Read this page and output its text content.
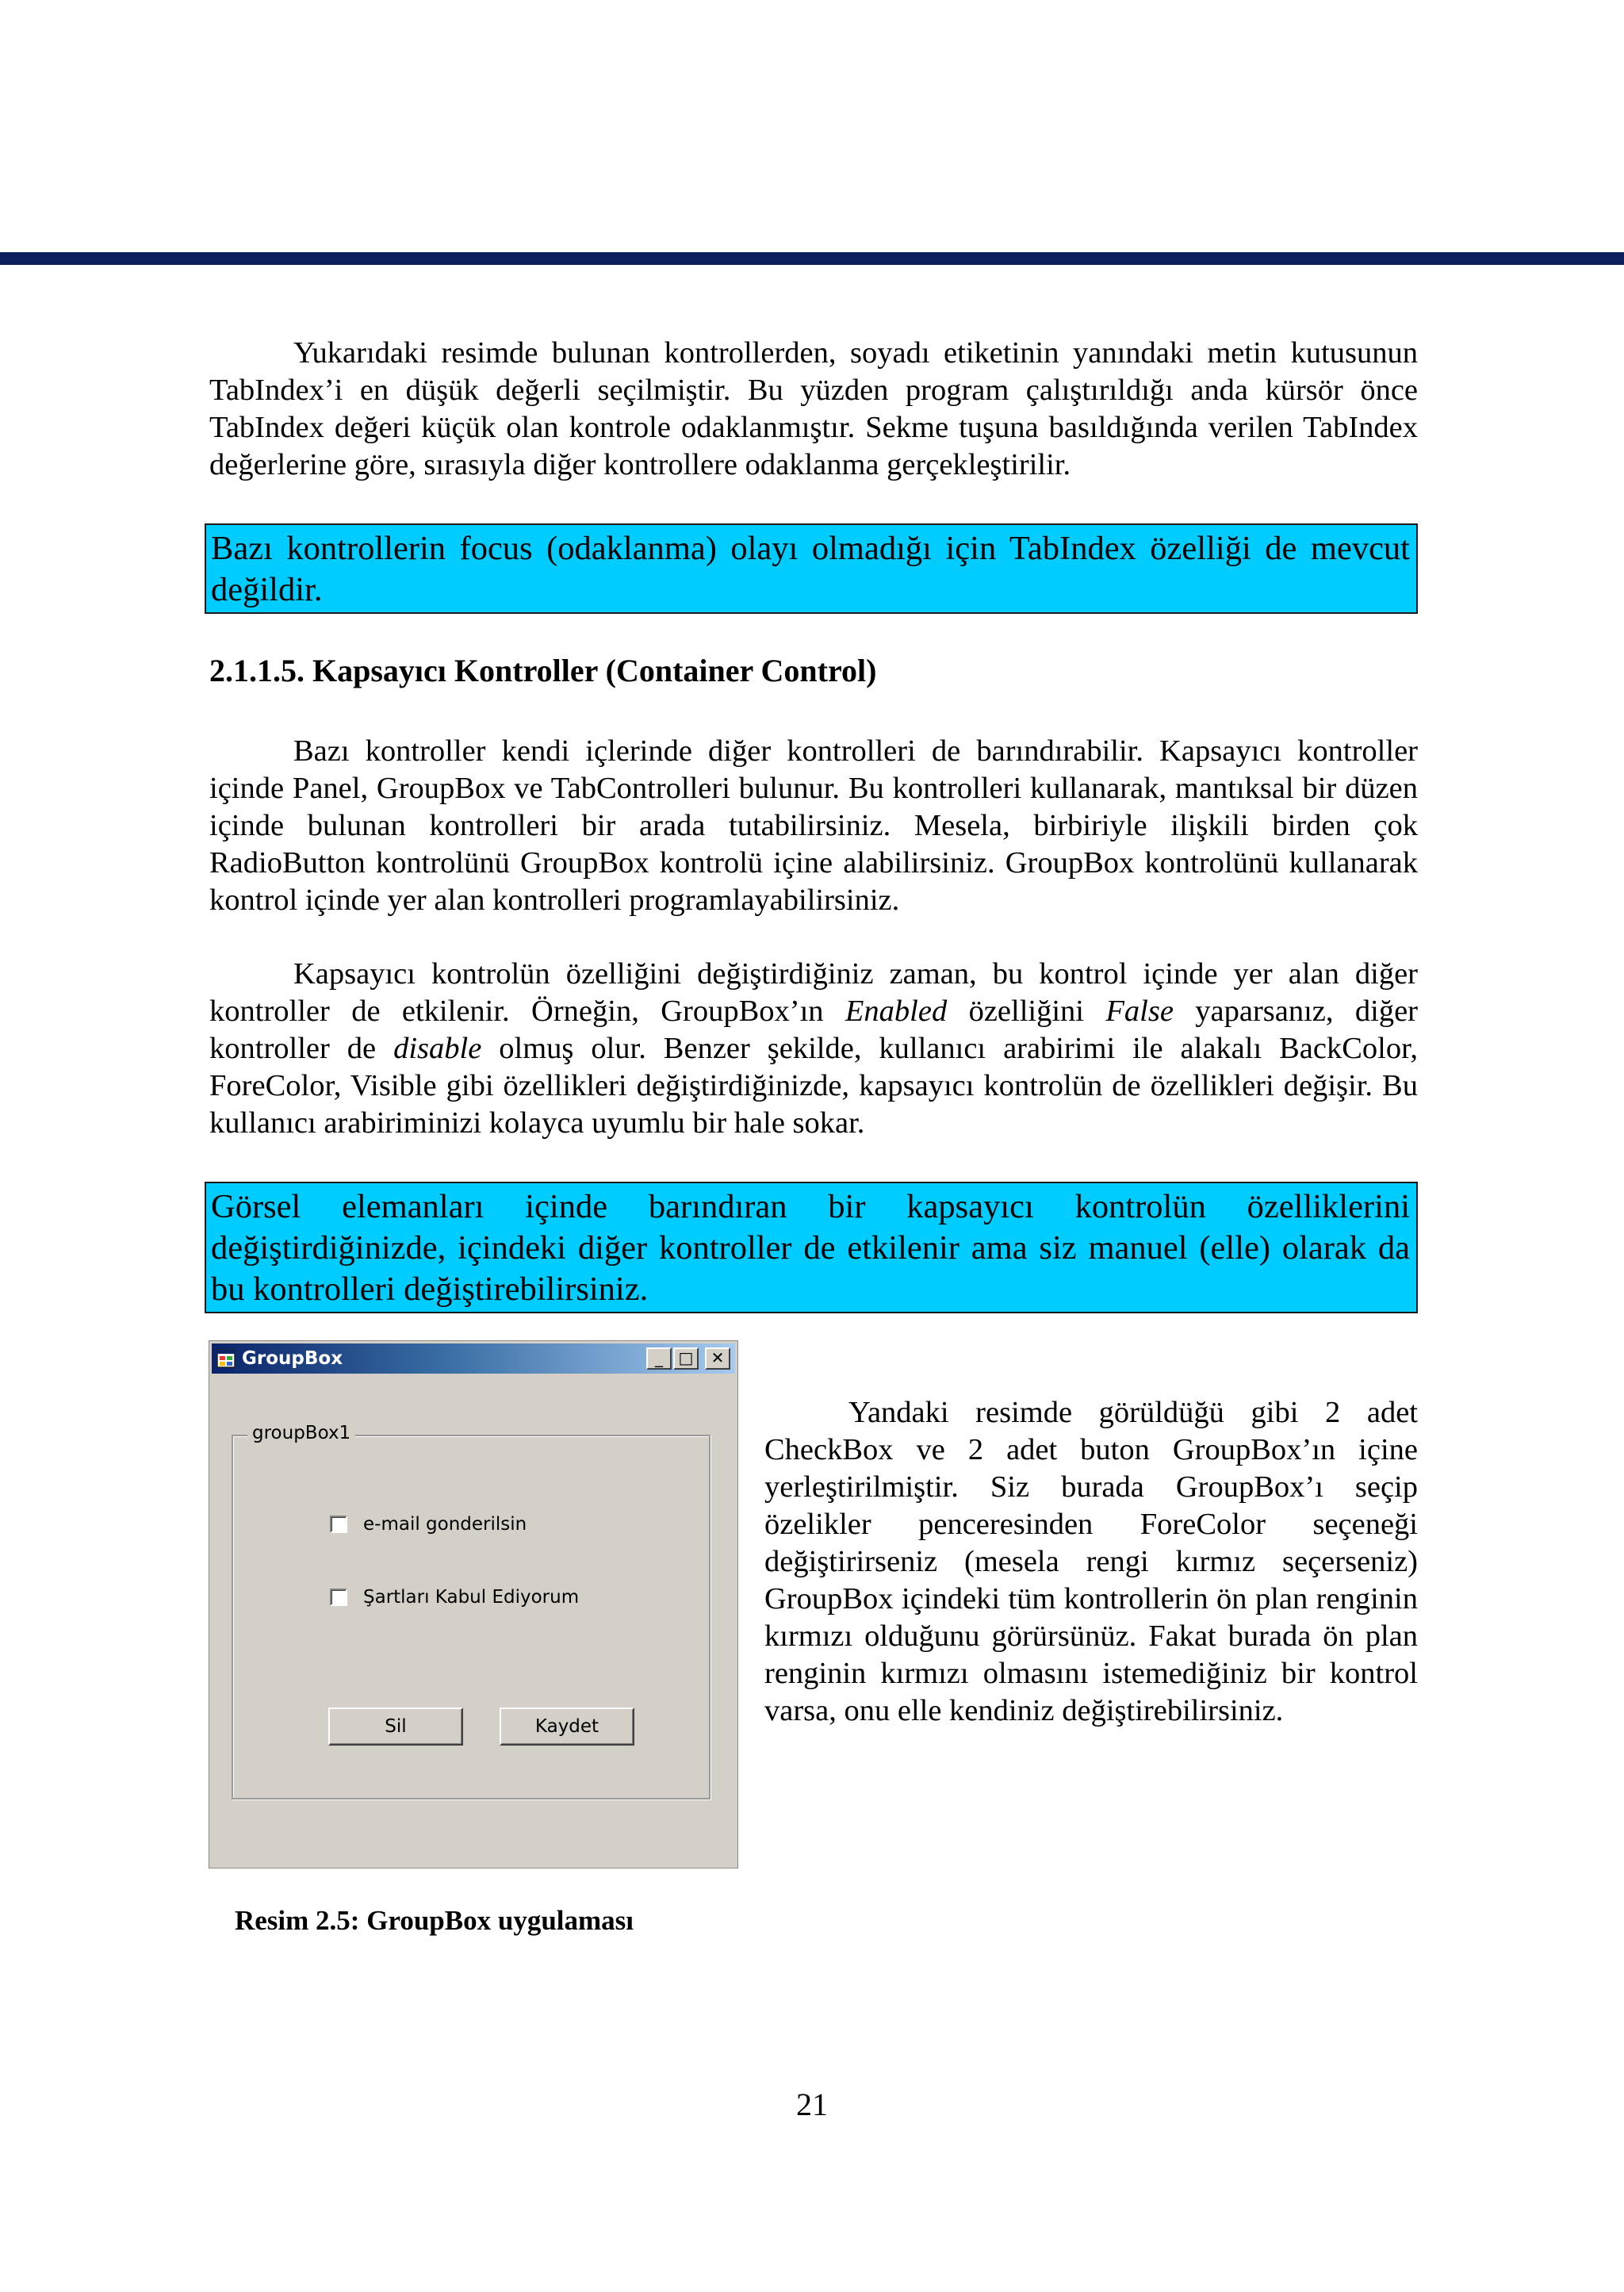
Yukarıdaki resimde bulunan kontrollerden, soyadı etiketinin yanındaki metin kutusunun TabIndex’i en düşük değerli seçilmiştir. Bu yüzden program çalıştırıldığı anda kürsör önce TabIndex değeri küçük olan kontrole odaklanmıştır. Sekme tuşuna basıldığında verilen TabIndex değerlerine göre, sırasıyla diğer kontrollere odaklanma gerçekleştirilir.

Bazı kontrollerin focus (odaklanma) olayı olmadığı için TabIndex özelliği de mevcut değildir.
2.1.1.5. Kapsayıcı Kontroller (Container Control)

Bazı kontroller kendi içlerinde diğer kontrolleri de barındırabilir. Kapsayıcı kontroller içinde Panel, GroupBox ve TabControlleri bulunur. Bu kontrolleri kullanarak, mantıksal bir düzen içinde bulunan kontrolleri bir arada tutabilirsiniz. Mesela, birbiriyle ilişkili birden çok RadioButton kontrolünü GroupBox kontrolü içine alabilirsiniz. GroupBox kontrolünü kullanarak kontrol içinde yer alan kontrolleri programlayabilirsiniz.

Kapsayıcı kontrolün özelliğini değiştirdiğiniz zaman, bu kontrol içinde yer alan diğer kontroller de etkilenir. Örneğin, GroupBox’ın Enabled özelliğini False yaparsanız, diğer kontroller de disable olmuş olur. Benzer şekilde, kullanıcı arabirimi ile alakalı BackColor, ForeColor, Visible gibi özellikleri değiştirdiğinizde, kapsayıcı kontrolün de özellikleri değişir. Bu kullanıcı arabiriminizi kolayca uyumlu bir hale sokar.

Görsel elemanları içinde barındıran bir kapsayıcı kontrolün özelliklerini değiştirdiğinizde, içindeki diğer kontroller de etkilenir ama siz manuel (elle) olarak da bu kontrolleri değiştirebilirsiniz.
GroupBox	_ □	✕
groupBox1
e-mail gonderilsin
Şartları Kabul Ediyorum
Sil	Kaydet

Yandaki resimde görüldüğü gibi 2 adet CheckBox ve 2 adet buton GroupBox’ın içine yerleştirilmiştir. Siz burada GroupBox’ı seçip özelikler penceresinden ForeColor seçeneği değiştirirseniz (mesela rengi kırmız seçerseniz) GroupBox içindeki tüm kontrollerin ön plan renginin kırmızı olduğunu görürsünüz. Fakat burada ön plan renginin kırmızı olmasını istemediğiniz bir kontrol varsa, onu elle kendiniz değiştirebilirsiniz.

Resim 2.5: GroupBox uygulaması
21
